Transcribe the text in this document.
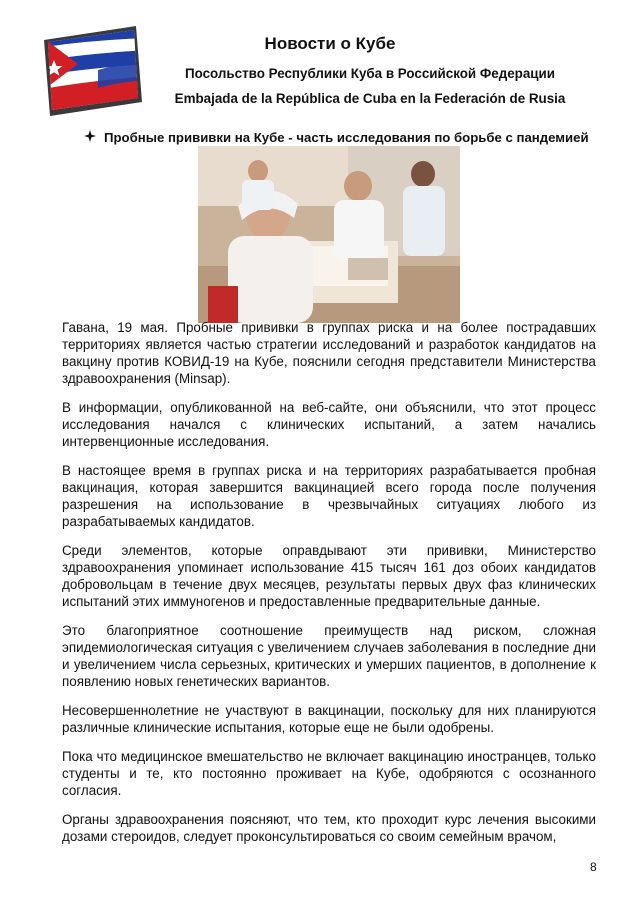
Новости о Кубе
Посольство Республики Куба в Российской Федерации
Embajada de la República de Cuba en la Federación de Rusia
Пробные прививки на Кубе - часть исследования по борьбе с пандемией

Гавана, 19 мая. Пробные прививки в группах риска и на более пострадавших территориях является частью стратегии исследований и разработок кандидатов на вакцину против КОВИД-19 на Кубе, пояснили сегодня представители Министерства здравоохранения (Minsap).

В информации, опубликованной на веб-сайте, они объяснили, что этот процесс исследования начался с клинических испытаний, а затем начались интервенционные исследования.

В настоящее время в группах риска и на территориях разрабатывается пробная вакцинация, которая завершится вакцинацией всего города после получения разрешения на использование в чрезвычайных ситуациях любого из разрабатываемых кандидатов.

Среди элементов, которые оправдывают эти прививки, Министерство здравоохранения упоминает использование 415 тысяч 161 доз обоих кандидатов добровольцам в течение двух месяцев, результаты первых двух фаз клинических испытаний этих иммуногенов и предоставленные предварительные данные.

Это благоприятное соотношение преимуществ над риском, сложная эпидемиологическая ситуация с увеличением случаев заболевания в последние дни и увеличением числа серьезных, критических и умерших пациентов, в дополнение к появлению новых генетических вариантов.

Несовершеннолетние не участвуют в вакцинации, поскольку для них планируются различные клинические испытания, которые еще не были одобрены.

Пока что медицинское вмешательство не включает вакцинацию иностранцев, только студенты и те, кто постоянно проживает на Кубе, одобряются с осознанного согласия.

Органы здравоохранения поясняют, что тем, кто проходит курс лечения высокими дозами стероидов, следует проконсультироваться со своим семейным врачом,

8
